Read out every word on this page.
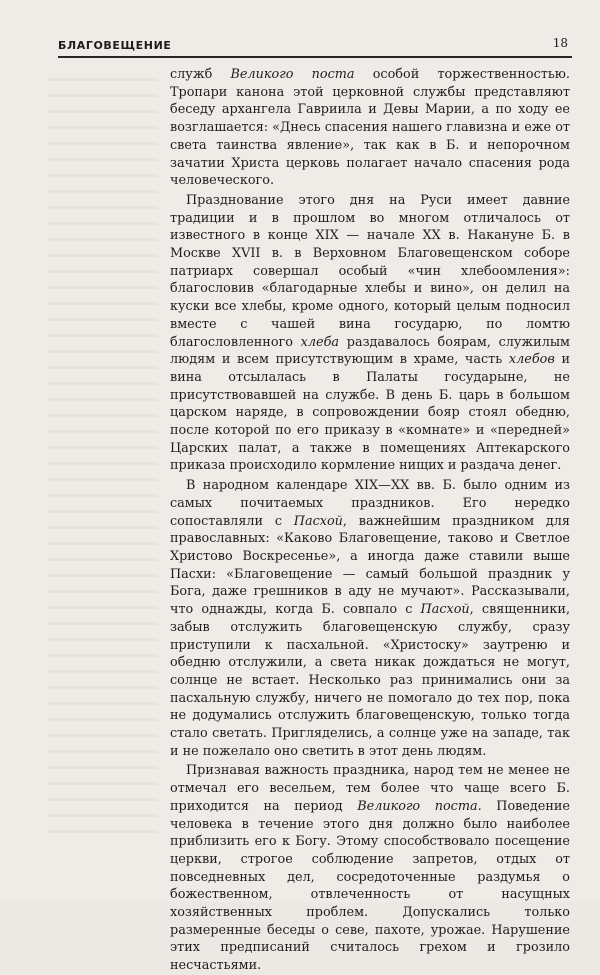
БЛАГОВЕЩЕНИЕ	18

служб Великого поста особой торжественностью. Тропари канона этой церковной службы представляют беседу архангела Гавриила и Девы Марии, а по ходу ее возглашается: «Днесь спасения нашего главизна и еже от света таинства явление», так как в Б. и непорочном зачатии Христа церковь полагает начало спасения рода человеческого.

Празднование этого дня на Руси имеет давние традиции и в прошлом во многом отличалось от известного в конце XIX — начале XX в. Накануне Б. в Москве XVII в. в Верховном Благовещенском соборе патриарх совершал особый «чин хлебоомления»: благословив «благодарные хлебы и вино», он делил на куски все хлебы, кроме одного, который целым подносил вместе с чашей вина государю, по ломтю благословленного хлеба раздавалось боярам, служилым людям и всем присутствующим в храме, часть хлебов и вина отсылалась в Палаты государыне, не присутствовавшей на службе. В день Б. царь в большом царском наряде, в сопровождении бояр стоял обедню, после которой по его приказу в «комнате» и «передней» Царских палат, а также в помещениях Аптекарского приказа происходило кормление нищих и раздача денег.

В народном календаре XIX—XX вв. Б. было одним из самых почитаемых праздников. Его нередко сопоставляли с Пасхой, важнейшим праздником для православных: «Каково Благовещение, таково и Светлое Христово Воскресенье», а иногда даже ставили выше Пасхи: «Благовещение — самый большой праздник у Бога, даже грешников в аду не мучают». Рассказывали, что однажды, когда Б. совпало с Пасхой, священники, забыв отслужить благовещенскую службу, сразу приступили к пасхальной. «Христоску» заутреню и обедню отслужили, а света никак дождаться не могут, солнце не встает. Несколько раз принимались они за пасхальную службу, ничего не помогало до тех пор, пока не додумались отслужить благовещенскую, только тогда стало светать. Пригляделись, а солнце уже на западе, так и не пожелало оно светить в этот день людям.

Признавая важность праздника, народ тем не менее не отмечал его весельем, тем более что чаще всего Б. приходится на период Великого поста. Поведение человека в течение этого дня должно было наиболее приблизить его к Богу. Этому способствовало посещение церкви, строгое соблюдение запретов, отдых от повседневных дел, сосредоточенные раздумья о божественном, отвлеченность от насущных хозяйственных проблем. Допускались только размеренные беседы о севе, пахоте, урожае. Нарушение этих предписаний считалось грехом и грозило несчастьями.
